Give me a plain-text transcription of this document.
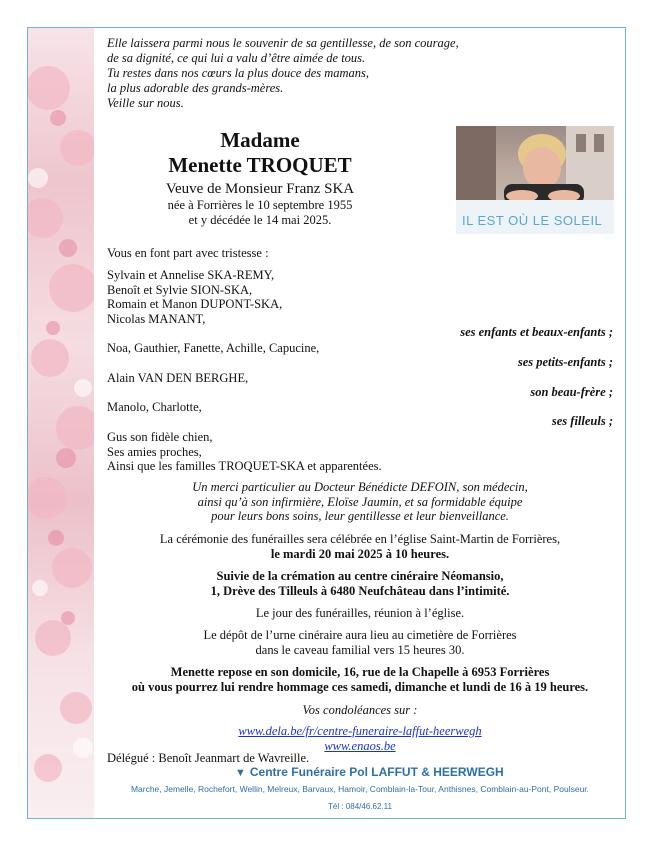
Elle laissera parmi nous le souvenir de sa gentillesse, de son courage,
de sa dignité, ce qui lui a valu d’être aimée de tous.
Tu restes dans nos cœurs la plus douce des mamans,
la plus adorable des grands-mères.
Veille sur nous.
Madame
Menette TROQUET
Veuve de Monsieur Franz SKA
née à Forrières le 10 septembre 1955
et y décédée le 14 mai 2025.	IL EST OÙ LE SOLEIL
Vous en font part avec tristesse :
Sylvain et Annelise SKA-REMY,
Benoît et Sylvie SION-SKA,
Romain et Manon DUPONT-SKA,
Nicolas MANANT,
ses enfants et beaux-enfants ;
Noa, Gauthier, Fanette, Achille, Capucine,
ses petits-enfants ;
Alain VAN DEN BERGHE,
son beau-frère ;
Manolo, Charlotte,
ses filleuls ;
Gus son fidèle chien,
Ses amies proches,
Ainsi que les familles TROQUET-SKA et apparentées.
Un merci particulier au Docteur Bénédicte DEFOIN, son médecin,
ainsi qu’à son infirmière, Eloïse Jaumin, et sa formidable équipe
pour leurs bons soins, leur gentillesse et leur bienveillance.
La cérémonie des funérailles sera célébrée en l’église Saint-Martin de Forrières,
le mardi 20 mai 2025 à 10 heures.
Suivie de la crémation au centre cinéraire Néomansio,
1, Drève des Tilleuls à 6480 Neufchâteau dans l’intimité.
Le jour des funérailles, réunion à l’église.
Le dépôt de l’urne cinéraire aura lieu au cimetière de Forrières
dans le caveau familial vers 15 heures 30.
Menette repose en son domicile, 16, rue de la Chapelle à 6953 Forrières
où vous pourrez lui rendre hommage ces samedi, dimanche et lundi de 16 à 19 heures.
Vos condoléances sur :
www.dela.be/fr/centre-funeraire-laffut-heerwegh
www.enaos.be
Délégué : Benoît Jeanmart de Wavreille.
▼ Centre Funéraire Pol LAFFUT & HEERWEGH
Marche, Jemelle, Rochefort, Wellin, Melreux, Barvaux, Hamoir, Comblain-la-Tour, Anthisnes, Comblain-au-Pont, Poulseur.
Tél : 084/46.62.11
